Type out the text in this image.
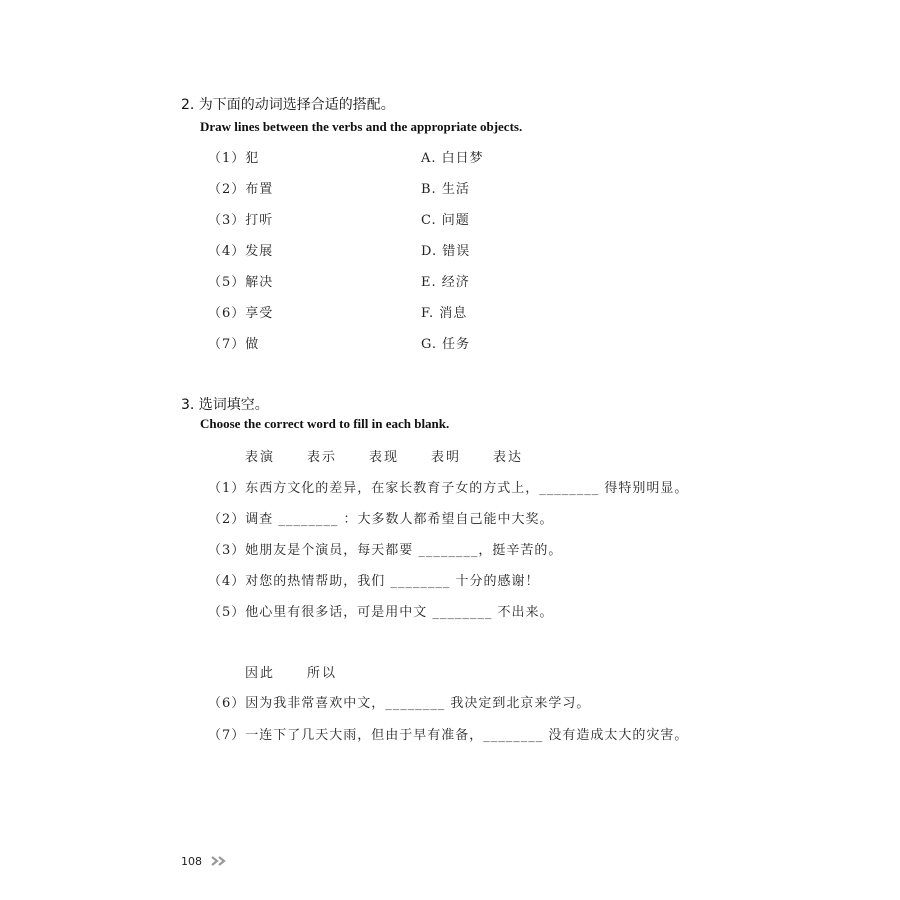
2. 为下面的动词选择合适的搭配。
Draw lines between the verbs and the appropriate objects.
（1）犯
（2）布置
（3）打听
（4）发展
（5）解决
（6）享受
（7）做
A. 白日梦
B. 生活
C. 问题
D. 错误
E. 经济
F. 消息
G. 任务
3. 选词填空。
Choose the correct word to fill in each blank.
表演 表示 表现 表明 表达
（1）东西方文化的差异，在家长教育子女的方式上，________ 得特别明显。
（2）调查 ________ ：大多数人都希望自己能中大奖。
（3）她朋友是个演员，每天都要 ________，挺辛苦的。
（4）对您的热情帮助，我们 ________ 十分的感谢！
（5）他心里有很多话，可是用中文 ________ 不出来。
因此 所以
（6）因为我非常喜欢中文，________ 我决定到北京来学习。
（7）一连下了几天大雨，但由于早有准备，________ 没有造成太大的灾害。
108
